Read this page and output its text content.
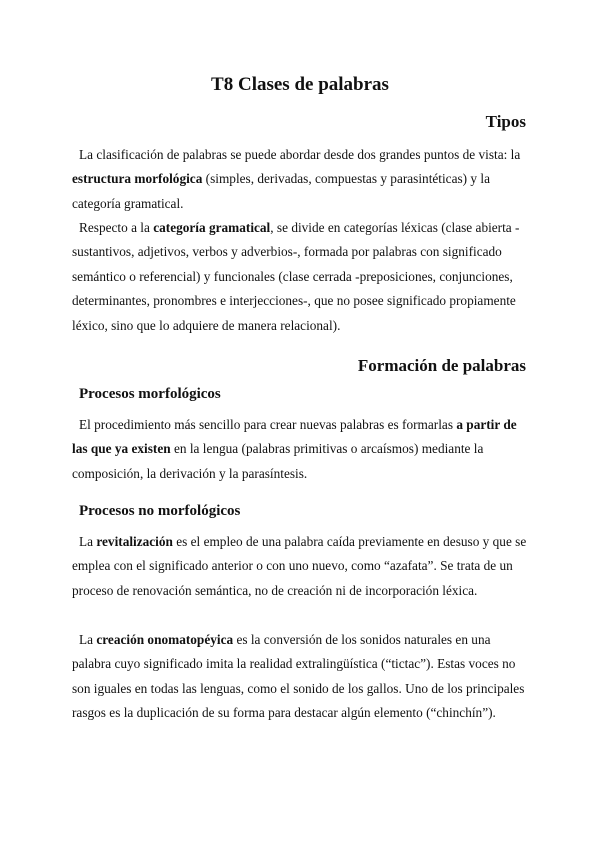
T8 Clases de palabras
Tipos

La clasificación de palabras se puede abordar desde dos grandes puntos de vista: la estructura morfológica (simples, derivadas, compuestas y parasintéticas) y la categoría gramatical.

Respecto a la categoría gramatical, se divide en categorías léxicas (clase abierta -sustantivos, adjetivos, verbos y adverbios-, formada por palabras con significado semántico o referencial) y funcionales (clase cerrada -preposiciones, conjunciones, determinantes, pronombres e interjecciones-, que no posee significado propiamente léxico, sino que lo adquiere de manera relacional).

Formación de palabras
Procesos morfológicos

El procedimiento más sencillo para crear nuevas palabras es formarlas a partir de las que ya existen en la lengua (palabras primitivas o arcaísmos) mediante la composición, la derivación y la parasíntesis.

Procesos no morfológicos

La revitalización es el empleo de una palabra caída previamente en desuso y que se emplea con el significado anterior o con uno nuevo, como “azafata”. Se trata de un proceso de renovación semántica, no de creación ni de incorporación léxica.

La creación onomatopéyica es la conversión de los sonidos naturales en una palabra cuyo significado imita la realidad extralingüística (“tictac”). Estas voces no son iguales en todas las lenguas, como el sonido de los gallos. Uno de los principales rasgos es la duplicación de su forma para destacar algún elemento (“chinchín”).
